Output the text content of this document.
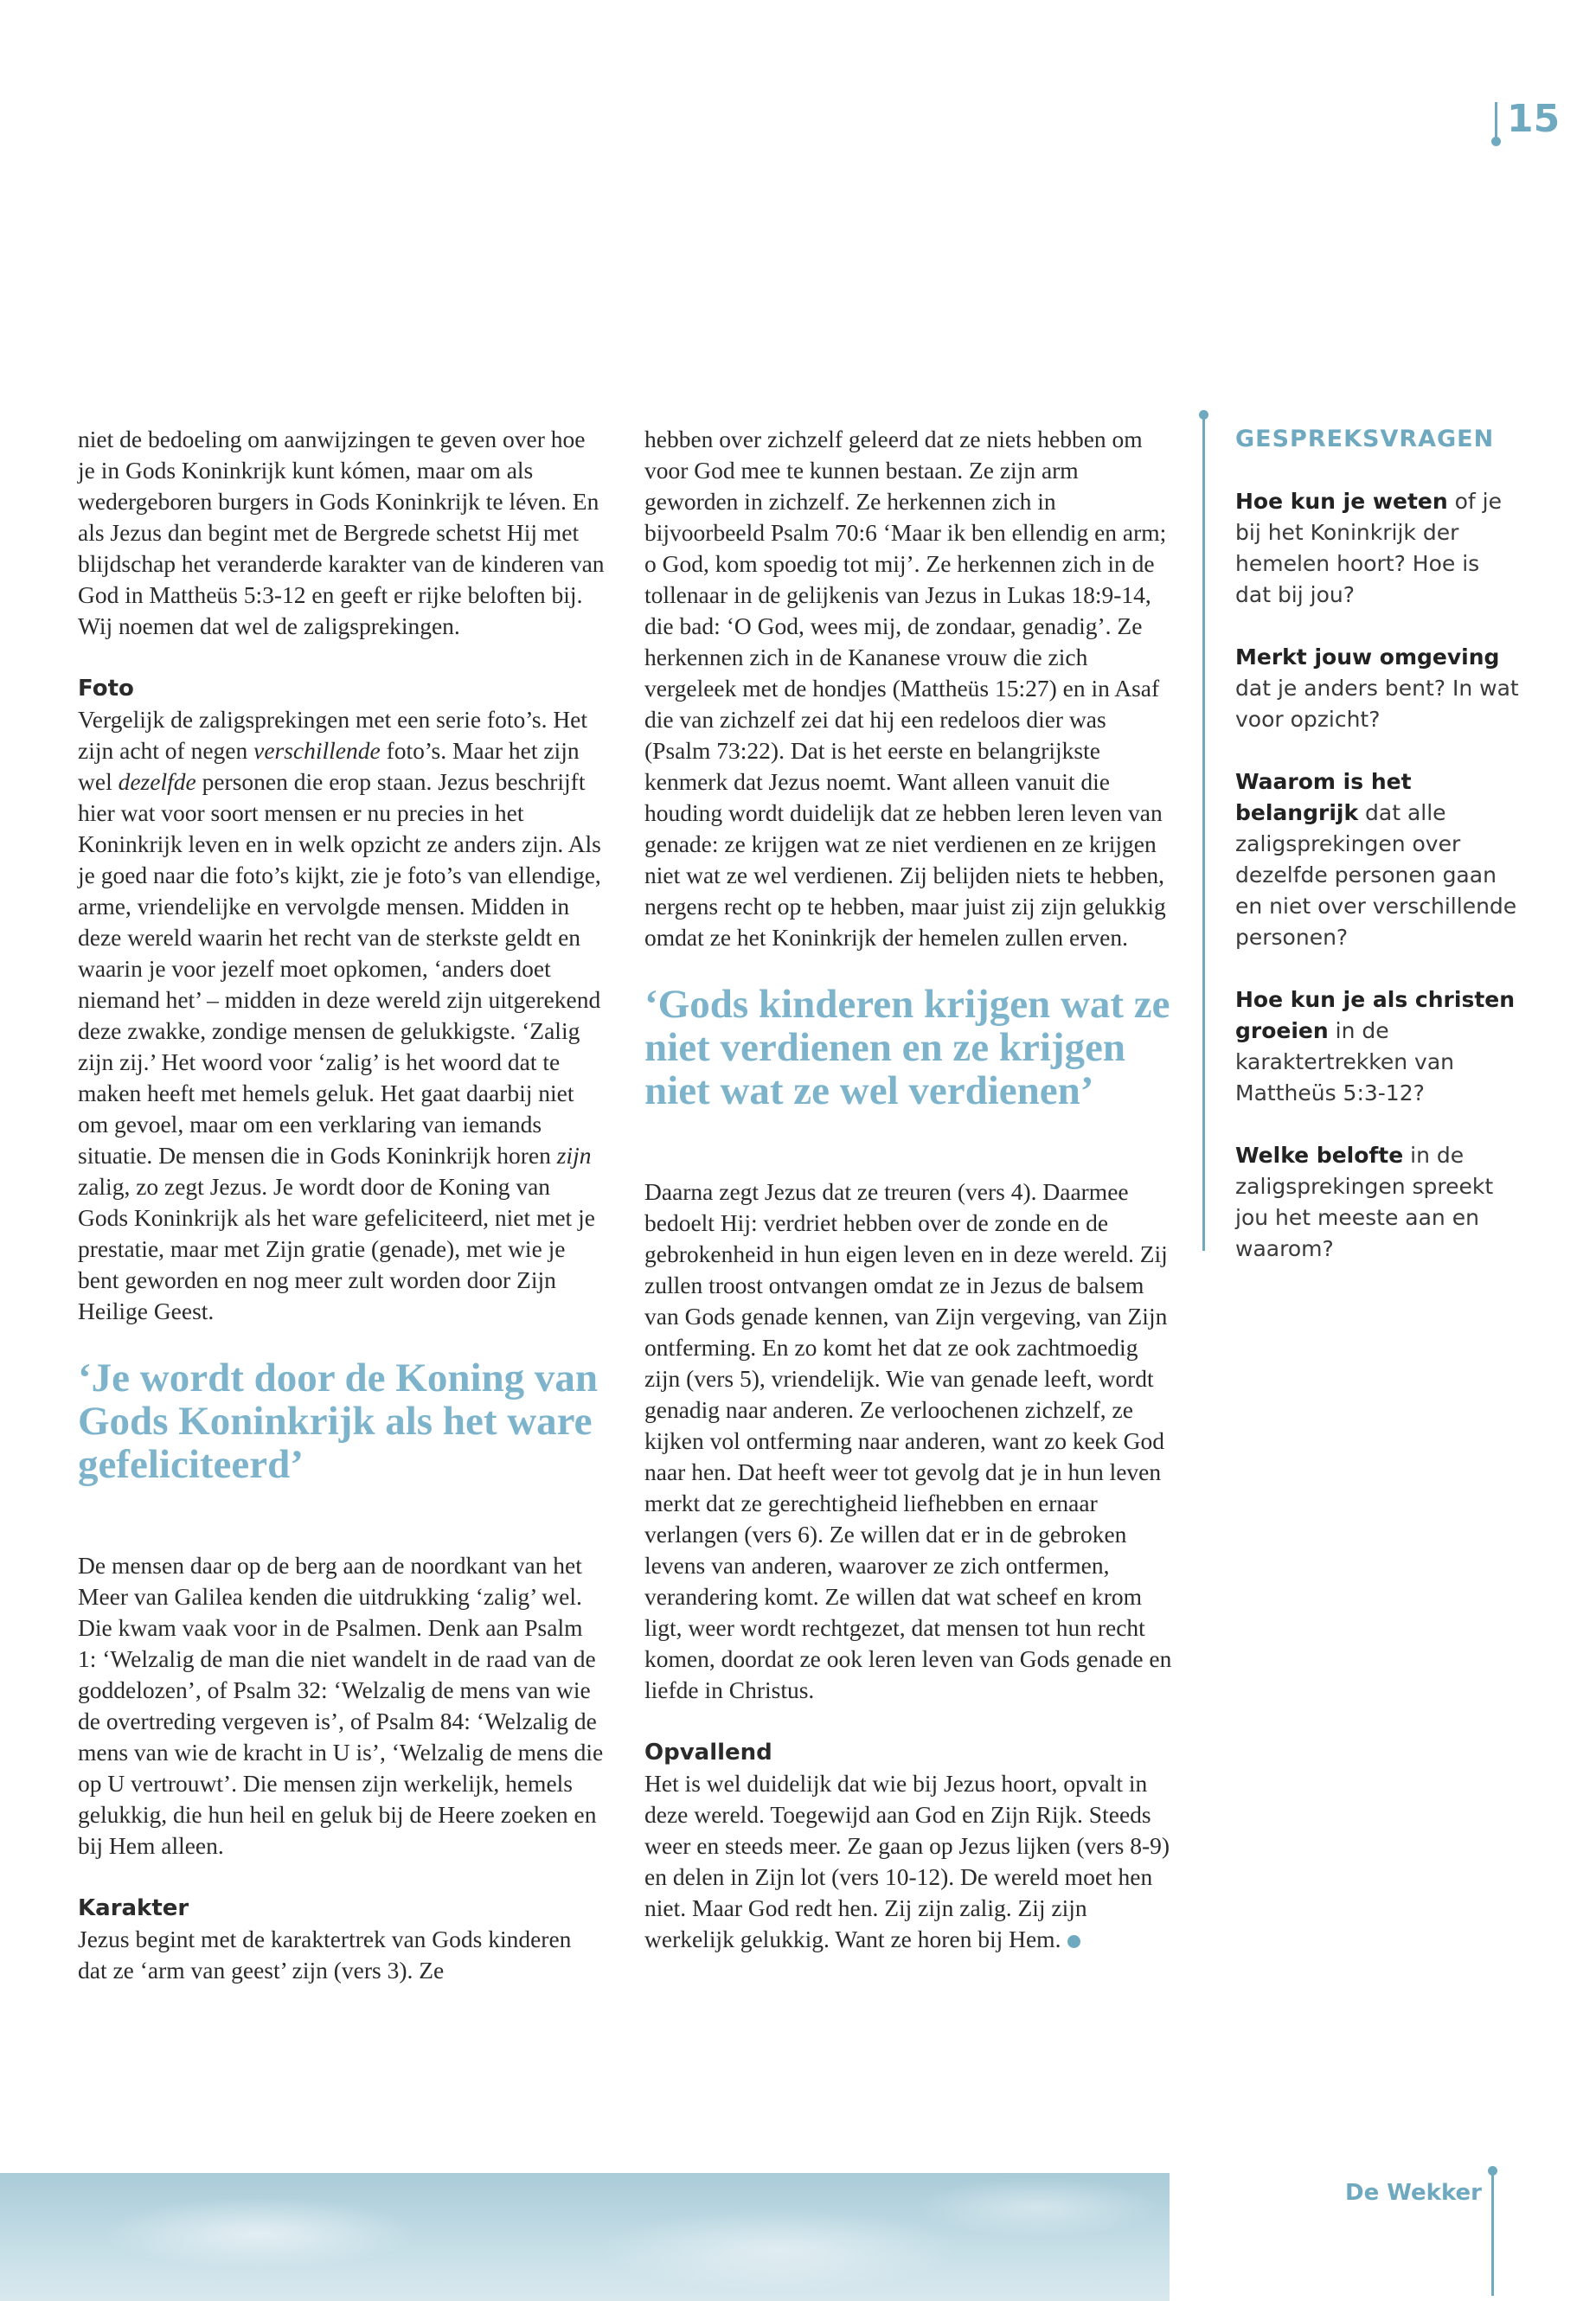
15

niet de bedoeling om aanwijzingen te geven over hoe je in Gods Koninkrijk kunt kómen, maar om als wedergeboren burgers in Gods Koninkrijk te léven. En als Jezus dan begint met de Bergrede schetst Hij met blijdschap het veranderde karakter van de kinderen van God in Mattheüs 5:3-12 en geeft er rijke beloften bij. Wij noemen dat wel de zaligsprekingen.

Foto

Vergelijk de zaligsprekingen met een serie foto’s. Het zijn acht of negen verschillende foto’s. Maar het zijn wel dezelfde personen die erop staan. Jezus beschrijft hier wat voor soort mensen er nu precies in het Koninkrijk leven en in welk opzicht ze anders zijn. Als je goed naar die foto’s kijkt, zie je foto’s van ellendige, arme, vriendelijke en vervolgde mensen. Midden in deze wereld waarin het recht van de sterkste geldt en waarin je voor jezelf moet opkomen, ‘anders doet niemand het’ – midden in deze wereld zijn uitgerekend deze zwakke, zondige mensen de gelukkigste. ‘Zalig zijn zij.’ Het woord voor ‘zalig’ is het woord dat te maken heeft met hemels geluk. Het gaat daarbij niet om gevoel, maar om een verklaring van iemands situatie. De mensen die in Gods Koninkrijk horen zijn zalig, zo zegt Jezus. Je wordt door de Koning van Gods Koninkrijk als het ware gefeliciteerd, niet met je prestatie, maar met Zijn gratie (genade), met wie je bent geworden en nog meer zult worden door Zijn Heilige Geest.

‘Je wordt door de Koning van Gods Koninkrijk als het ware gefeliciteerd’

De mensen daar op de berg aan de noordkant van het Meer van Galilea kenden die uitdrukking ‘zalig’ wel. Die kwam vaak voor in de Psalmen. Denk aan Psalm 1: ‘Welzalig de man die niet wandelt in de raad van de goddelozen’, of Psalm 32: ‘Welzalig de mens van wie de overtreding vergeven is’, of Psalm 84: ‘Welzalig de mens van wie de kracht in U is’, ‘Welzalig de mens die op U vertrouwt’. Die mensen zijn werkelijk, hemels gelukkig, die hun heil en geluk bij de Heere zoeken en bij Hem alleen.

Karakter

Jezus begint met de karaktertrek van Gods kinderen dat ze ‘arm van geest’ zijn (vers 3). Ze

hebben over zichzelf geleerd dat ze niets hebben om voor God mee te kunnen bestaan. Ze zijn arm geworden in zichzelf. Ze herkennen zich in bijvoorbeeld Psalm 70:6 ‘Maar ik ben ellendig en arm; o God, kom spoedig tot mij’. Ze herkennen zich in de tollenaar in de gelijkenis van Jezus in Lukas 18:9-14, die bad: ‘O God, wees mij, de zondaar, genadig’. Ze herkennen zich in de Kananese vrouw die zich vergeleek met de hondjes (Mattheüs 15:27) en in Asaf die van zichzelf zei dat hij een redeloos dier was (Psalm 73:22). Dat is het eerste en belangrijkste kenmerk dat Jezus noemt. Want alleen vanuit die houding wordt duidelijk dat ze hebben leren leven van genade: ze krijgen wat ze niet verdienen en ze krijgen niet wat ze wel verdienen. Zij belijden niets te hebben, nergens recht op te hebben, maar juist zij zijn gelukkig omdat ze het Koninkrijk der hemelen zullen erven.

‘Gods kinderen krijgen wat ze niet verdienen en ze krijgen niet wat ze wel verdienen’

Daarna zegt Jezus dat ze treuren (vers 4). Daarmee bedoelt Hij: verdriet hebben over de zonde en de gebrokenheid in hun eigen leven en in deze wereld. Zij zullen troost ontvangen omdat ze in Jezus de balsem van Gods genade kennen, van Zijn vergeving, van Zijn ontferming. En zo komt het dat ze ook zachtmoedig zijn (vers 5), vriendelijk. Wie van genade leeft, wordt genadig naar anderen. Ze verloochenen zichzelf, ze kijken vol ontferming naar anderen, want zo keek God naar hen. Dat heeft weer tot gevolg dat je in hun leven merkt dat ze gerechtigheid liefhebben en ernaar verlangen (vers 6). Ze willen dat er in de gebroken levens van anderen, waarover ze zich ontfermen, verandering komt. Ze willen dat wat scheef en krom ligt, weer wordt rechtgezet, dat mensen tot hun recht komen, doordat ze ook leren leven van Gods genade en liefde in Christus.

Opvallend

Het is wel duidelijk dat wie bij Jezus hoort, opvalt in deze wereld. Toegewijd aan God en Zijn Rijk. Steeds weer en steeds meer. Ze gaan op Jezus lijken (vers 8-9) en delen in Zijn lot (vers 10-12). De wereld moet hen niet. Maar God redt hen. Zij zijn zalig. Zij zijn werkelijk gelukkig. Want ze horen bij Hem.

GESPREKSVRAGEN

Hoe kun je weten of je bij het Koninkrijk der hemelen hoort? Hoe is dat bij jou?

Merkt jouw omgeving dat je anders bent? In wat voor opzicht?

Waarom is het belangrijk dat alle zaligsprekingen over dezelfde personen gaan en niet over verschillende personen?

Hoe kun je als christen groeien in de karaktertrekken van Mattheüs 5:3-12?

Welke belofte in de zaligsprekingen spreekt jou het meeste aan en waarom?

De Wekker
